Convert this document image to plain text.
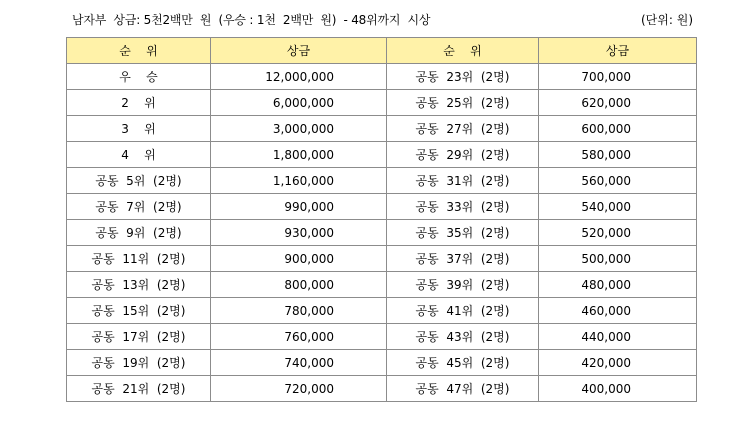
남자부  상금: 5천2백만  원  (우승 : 1천  2백만  원)  - 48위까지  시상	(단위: 원)
순    위	상금	순    위	상금
우    승	12,000,000	공동  23위  (2명)	700,000
2    위	6,000,000	공동  25위  (2명)	620,000
3    위	3,000,000	공동  27위  (2명)	600,000
4    위	1,800,000	공동  29위  (2명)	580,000
공동  5위  (2명)	1,160,000	공동  31위  (2명)	560,000
공동  7위  (2명)	990,000	공동  33위  (2명)	540,000
공동  9위  (2명)	930,000	공동  35위  (2명)	520,000
공동  11위  (2명)	900,000	공동  37위  (2명)	500,000
공동  13위  (2명)	800,000	공동  39위  (2명)	480,000
공동  15위  (2명)	780,000	공동  41위  (2명)	460,000
공동  17위  (2명)	760,000	공동  43위  (2명)	440,000
공동  19위  (2명)	740,000	공동  45위  (2명)	420,000
공동  21위  (2명)	720,000	공동  47위  (2명)	400,000
